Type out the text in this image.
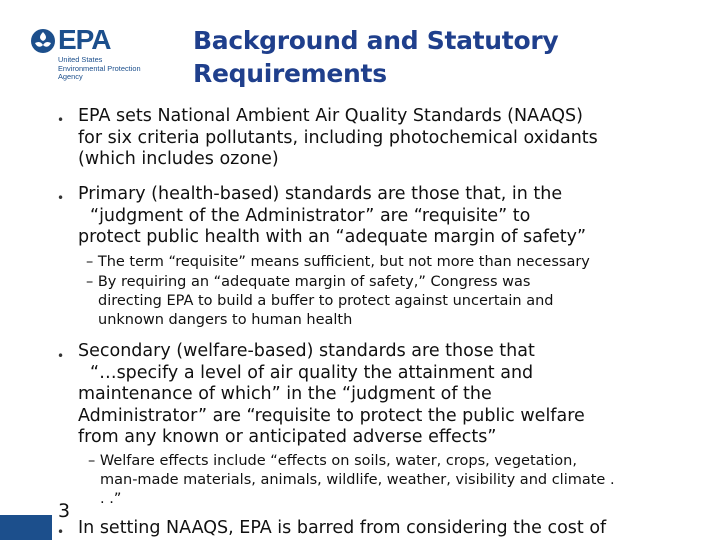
EPA
United States
Environmental Protection
Agency
Background and Statutory
Requirements
• EPA sets National Ambient Air Quality Standards (NAAQS)
for six criteria pollutants, including photochemical oxidants
(which includes ozone)
• Primary (health-based) standards are those that, in the
“judgment of the Administrator” are “requisite” to
protect public health with an “adequate margin of safety”
– The term “requisite” means sufficient, but not more than necessary
– By requiring an “adequate margin of safety,” Congress was
directing EPA to build a buffer to protect against uncertain and
unknown dangers to human health
• Secondary (welfare-based) standards are those that
“…specify a level of air quality the attainment and
maintenance of which” in the “judgment of the
Administrator” are “requisite to protect the public welfare
from any known or anticipated adverse effects”
– Welfare effects include “effects on soils, water, crops, vegetation,
man-made materials, animals, wildlife, weather, visibility and climate .
. .”
• In setting NAAQS, EPA is barred from considering the cost of
3
